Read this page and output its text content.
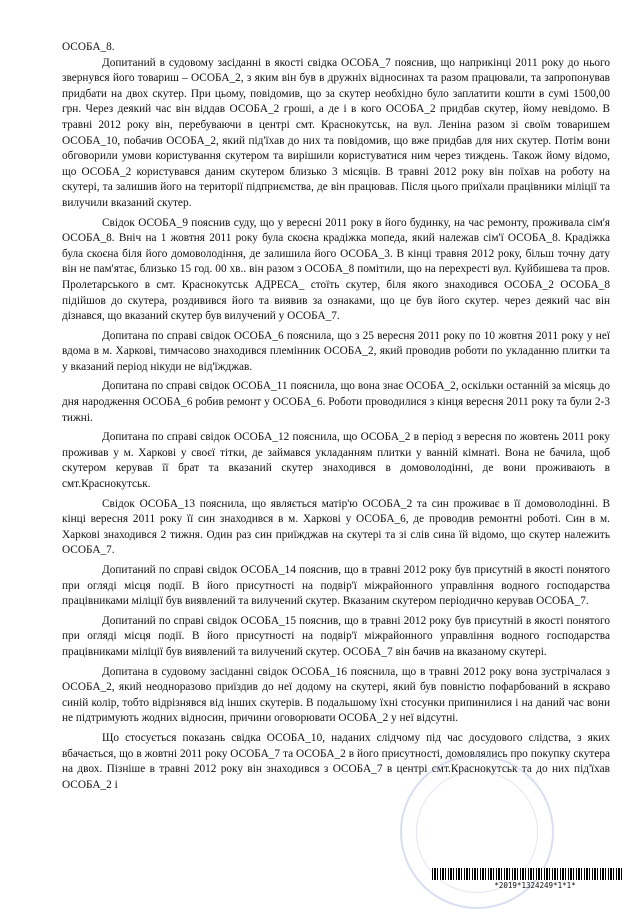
ОСОБА_8.

Допитаний в судовому засіданні в якості свідка ОСОБА_7 пояснив, що наприкінці 2011 року до нього звернувся його товариш – ОСОБА_2, з яким він був в дружніх відносинах та разом працювали, та запропонував придбати на двох скутер. При цьому, повідомив, що за скутер необхідно було заплатити кошти в сумі 1500,00 грн. Через деякий час він віддав ОСОБА_2 гроші, а де і в кого ОСОБА_2 придбав скутер, йому невідомо. В травні 2012 року він, перебуваючи в центрі смт. Краснокутськ, на вул. Леніна разом зі своїм товаришем ОСОБА_10, побачив ОСОБА_2, який під'їхав до них та повідомив, що вже придбав для них скутер. Потім вони обговорили умови користування скутером та вирішили користуватися ним через тиждень. Також йому відомо, що ОСОБА_2 користувався даним скутером близько 3 місяців. В травні 2012 року він поїхав на роботу на скутері, та залишив його на території підприємства, де він працював. Після цього приїхали працівники міліції та вилучили вказаний скутер.

Свідок ОСОБА_9 пояснив суду, що у вересні 2011 року в його будинку, на час ремонту, проживала сім'я ОСОБА_8. Вніч на 1 жовтня 2011 року була скоєна крадіжка мопеда, який належав сім'ї ОСОБА_8. Крадіжка була скоєна біля його домоволодіння, де залишила його ОСОБА_3. В кінці травня 2012 року, більш точну дату він не пам'ятає, близько 15 год. 00 хв.. він разом з ОСОБА_8 помітили, що на перехресті вул. Куйбишева та пров. Пролетарського в смт. Краснокутськ АДРЕСА_ стоїть скутер, біля якого знаходився ОСОБА_2 ОСОБА_8 підійшов до скутера, роздивився його та виявив за ознаками, що це був його скутер. через деякий час він дізнався, що вказаний скутер був вилучений у ОСОБА_7.

Допитана по справі свідок ОСОБА_6 пояснила, що з 25 вересня 2011 року по 10 жовтня 2011 року у неї вдома в м. Харкові, тимчасово знаходився племінник ОСОБА_2, який проводив роботи по укладанню плитки та у вказаний період нікуди не від'їжджав.

Допитана по справі свідок ОСОБА_11 пояснила, що вона знає ОСОБА_2, оскільки останній за місяць до дня народження ОСОБА_6 робив ремонт у ОСОБА_6. Роботи проводилися з кінця вересня 2011 року та були 2-3 тижні.

Допитана по справі свідок ОСОБА_12 пояснила, що ОСОБА_2 в період з вересня по жовтень 2011 року проживав у м. Харкові у своєї тітки, де займався укладанням плитки у ванній кімнаті. Вона не бачила, щоб скутером керував її брат та вказаний скутер знаходився в домоволодінні, де вони проживають в смт.Краснокутськ.

Свідок ОСОБА_13 пояснила, що являється матір'ю ОСОБА_2 та син проживає в її домоволодінні. В кінці вересня 2011 року її син знаходився в м. Харкові у ОСОБА_6, де проводив ремонтні роботі. Син в м. Харкові знаходився 2 тижня. Один раз син приїжджав на скутері та зі слів сина їй відомо, що скутер належить ОСОБА_7.

Допитаний по справі свідок ОСОБА_14 пояснив, що в травні 2012 року був присутній в якості понятого при огляді місця події. В його присутності на подвір'ї міжрайонного управління водного господарства працівниками міліції був виявлений та вилучений скутер. Вказаним скутером періодично керував ОСОБА_7.

Допитаний по справі свідок ОСОБА_15 пояснив, що в травні 2012 року був присутній в якості понятого при огляді місця події. В його присутності на подвір'ї міжрайонного управління водного господарства працівниками міліції був виявлений та вилучений скутер. ОСОБА_7 він бачив на вказаному скутері.

Допитана в судовому засіданні свідок ОСОБА_16 пояснила, що в травні 2012 року вона зустрічалася з ОСОБА_2, який неодноразово приїздив до неї додому на скутері, який був повністю пофарбований в яскраво синій колір, тобто відрізнявся від інших скутерів. В подальшому їхні стосунки припинилися і на даний час вони не підтримують жодних відносин, причини оговорювати ОСОБА_2 у неї відсутні.

Що стосується показань свідка ОСОБА_10, наданих слідчому під час досудового слідства, з яких вбачається, що в жовтні 2011 року ОСОБА_7 та ОСОБА_2 в його присутності, домовлялись про покупку скутера на двох. Пізніше в травні 2012 року він знаходився з ОСОБА_7 в центрі смт.Краснокутськ та до них під'їхав ОСОБА_2 і

*2019*1324249*1*1*
